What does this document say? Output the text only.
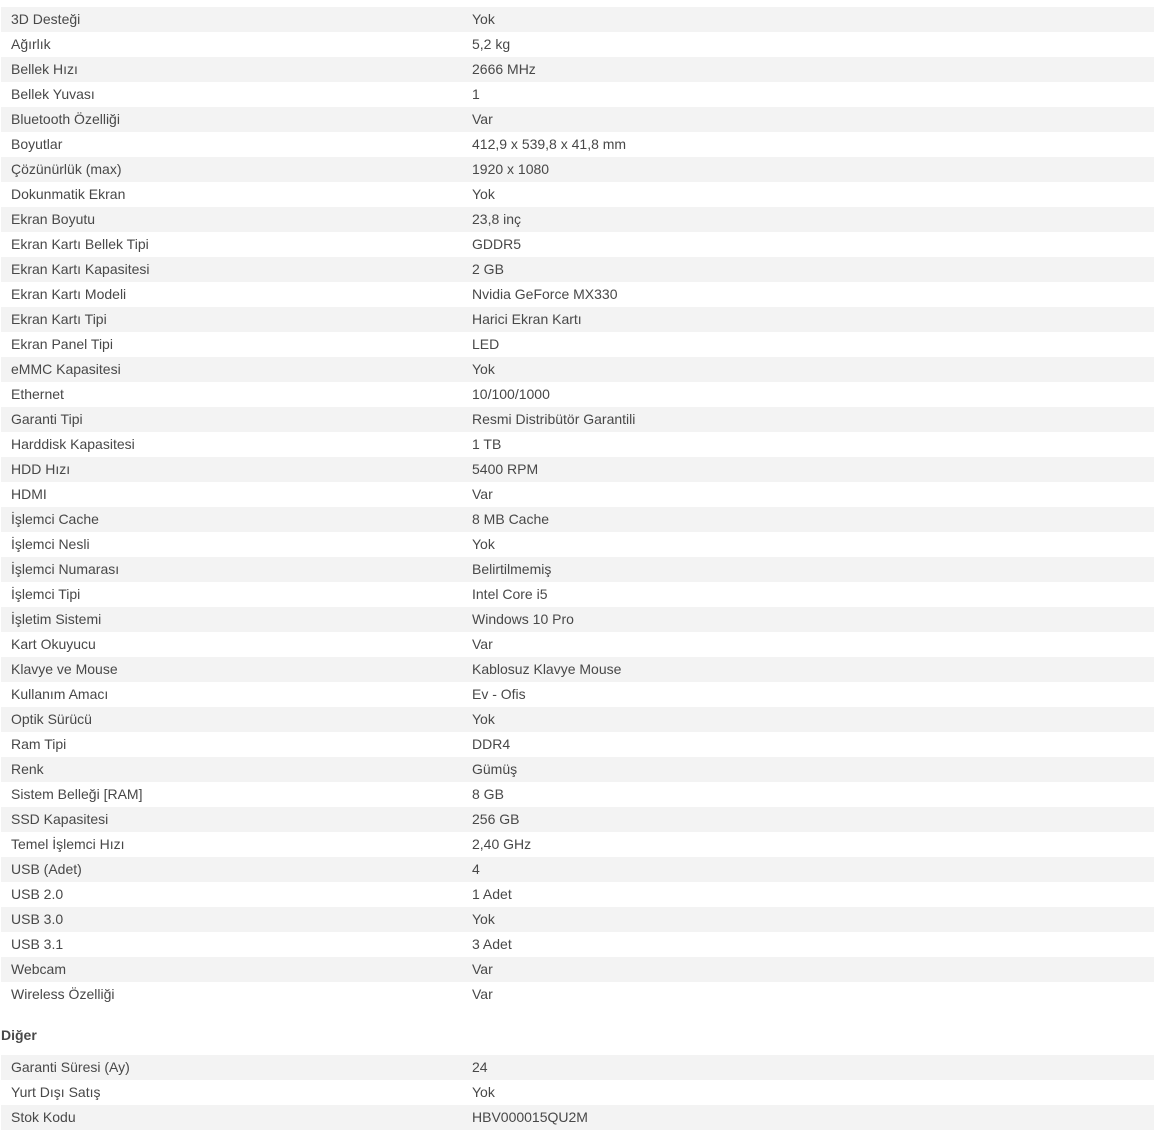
3D Desteği	Yok
Ağırlık	5,2 kg
Bellek Hızı	2666 MHz
Bellek Yuvası	1
Bluetooth Özelliği	Var
Boyutlar	412,9 x 539,8 x 41,8 mm
Çözünürlük (max)	1920 x 1080
Dokunmatik Ekran	Yok
Ekran Boyutu	23,8 inç
Ekran Kartı Bellek Tipi	GDDR5
Ekran Kartı Kapasitesi	2 GB
Ekran Kartı Modeli	Nvidia GeForce MX330
Ekran Kartı Tipi	Harici Ekran Kartı
Ekran Panel Tipi	LED
eMMC Kapasitesi	Yok
Ethernet	10/100/1000
Garanti Tipi	Resmi Distribütör Garantili
Harddisk Kapasitesi	1 TB
HDD Hızı	5400 RPM
HDMI	Var
İşlemci Cache	8 MB Cache
İşlemci Nesli	Yok
İşlemci Numarası	Belirtilmemiş
İşlemci Tipi	Intel Core i5
İşletim Sistemi	Windows 10 Pro
Kart Okuyucu	Var
Klavye ve Mouse	Kablosuz Klavye Mouse
Kullanım Amacı	Ev - Ofis
Optik Sürücü	Yok
Ram Tipi	DDR4
Renk	Gümüş
Sistem Belleği [RAM]	8 GB
SSD Kapasitesi	256 GB
Temel İşlemci Hızı	2,40 GHz
USB (Adet)	4
USB 2.0	1 Adet
USB 3.0	Yok
USB 3.1	3 Adet
Webcam	Var
Wireless Özelliği	Var
Diğer
Garanti Süresi (Ay)	24
Yurt Dışı Satış	Yok
Stok Kodu	HBV000015QU2M
